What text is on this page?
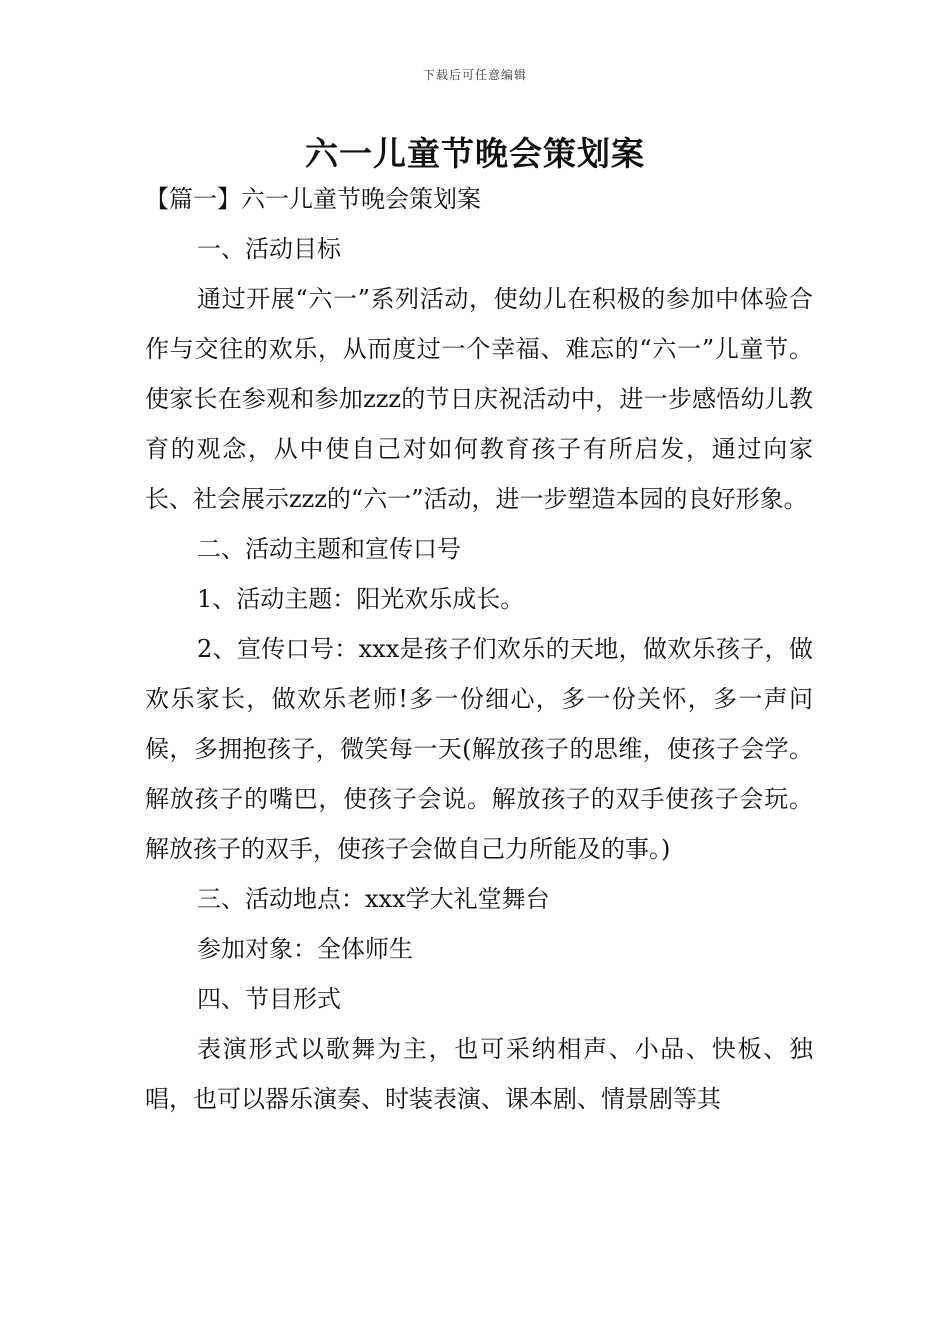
下载后可任意编辑
六一儿童节晚会策划案
【篇一】六一儿童节晚会策划案

一、活动目标

通过开展“六一”系列活动，使幼儿在积极的参加中体验合作与交往的欢乐，从而度过一个幸福、难忘的“六一”儿童节。使家长在参观和参加zzz的节日庆祝活动中，进一步感悟幼儿教育的观念，从中使自己对如何教育孩子有所启发，通过向家长、社会展示zzz的“六一”活动，进一步塑造本园的良好形象。

二、活动主题和宣传口号

1、活动主题：阳光欢乐成长。

2、宣传口号：xxx是孩子们欢乐的天地，做欢乐孩子，做欢乐家长，做欢乐老师!多一份细心，多一份关怀，多一声问候，多拥抱孩子，微笑每一天(解放孩子的思维，使孩子会学。解放孩子的嘴巴，使孩子会说。解放孩子的双手使孩子会玩。解放孩子的双手，使孩子会做自己力所能及的事。)

三、活动地点：xxx学大礼堂舞台

参加对象：全体师生

四、节目形式

表演形式以歌舞为主，也可采纳相声、小品、快板、独唱，也可以器乐演奏、时装表演、课本剧、情景剧等其
